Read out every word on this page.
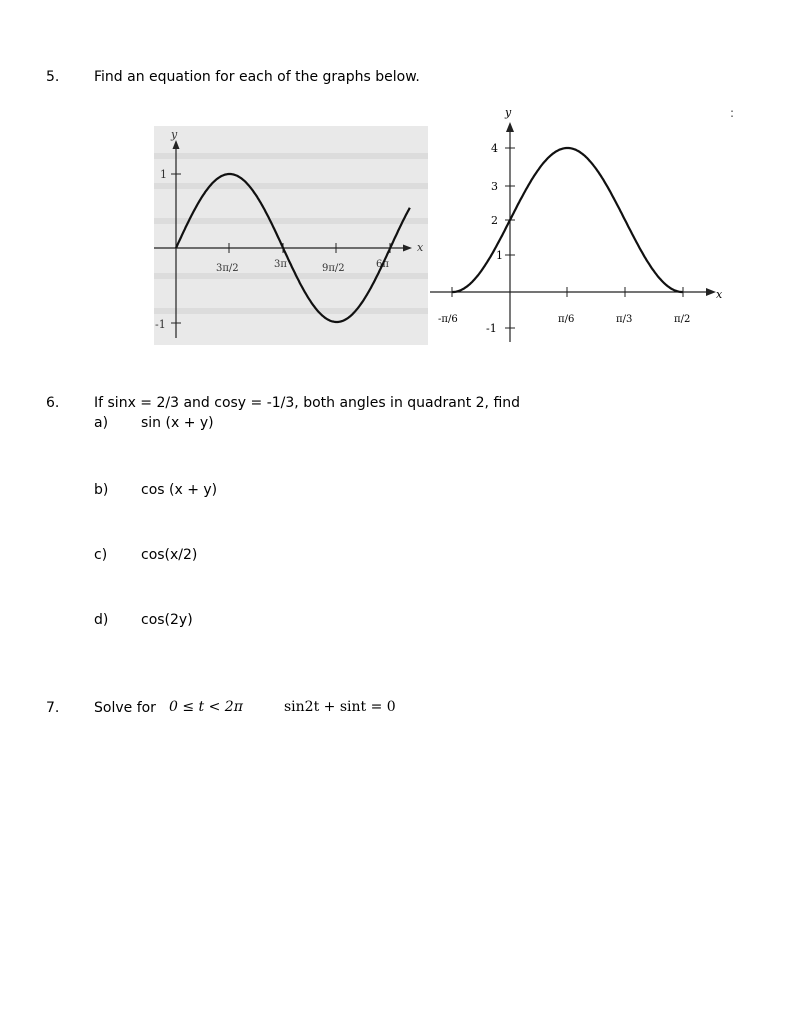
5. Find an equation for each of the graphs below.
y
x
1
-1
3π/2	3π	9π/2	6π
y
x
4
3
2
1
-1
-π/6	π/6	π/3	π/2
:
6. If sinx = 2/3 and cosy = -1/3, both angles in quadrant 2, find
a) sin (x + y)
b) cos (x + y)
c) cos(x/2)
d) cos(2y)
7. Solve for 0 ≤ t < 2π	sin2t + sint = 0
